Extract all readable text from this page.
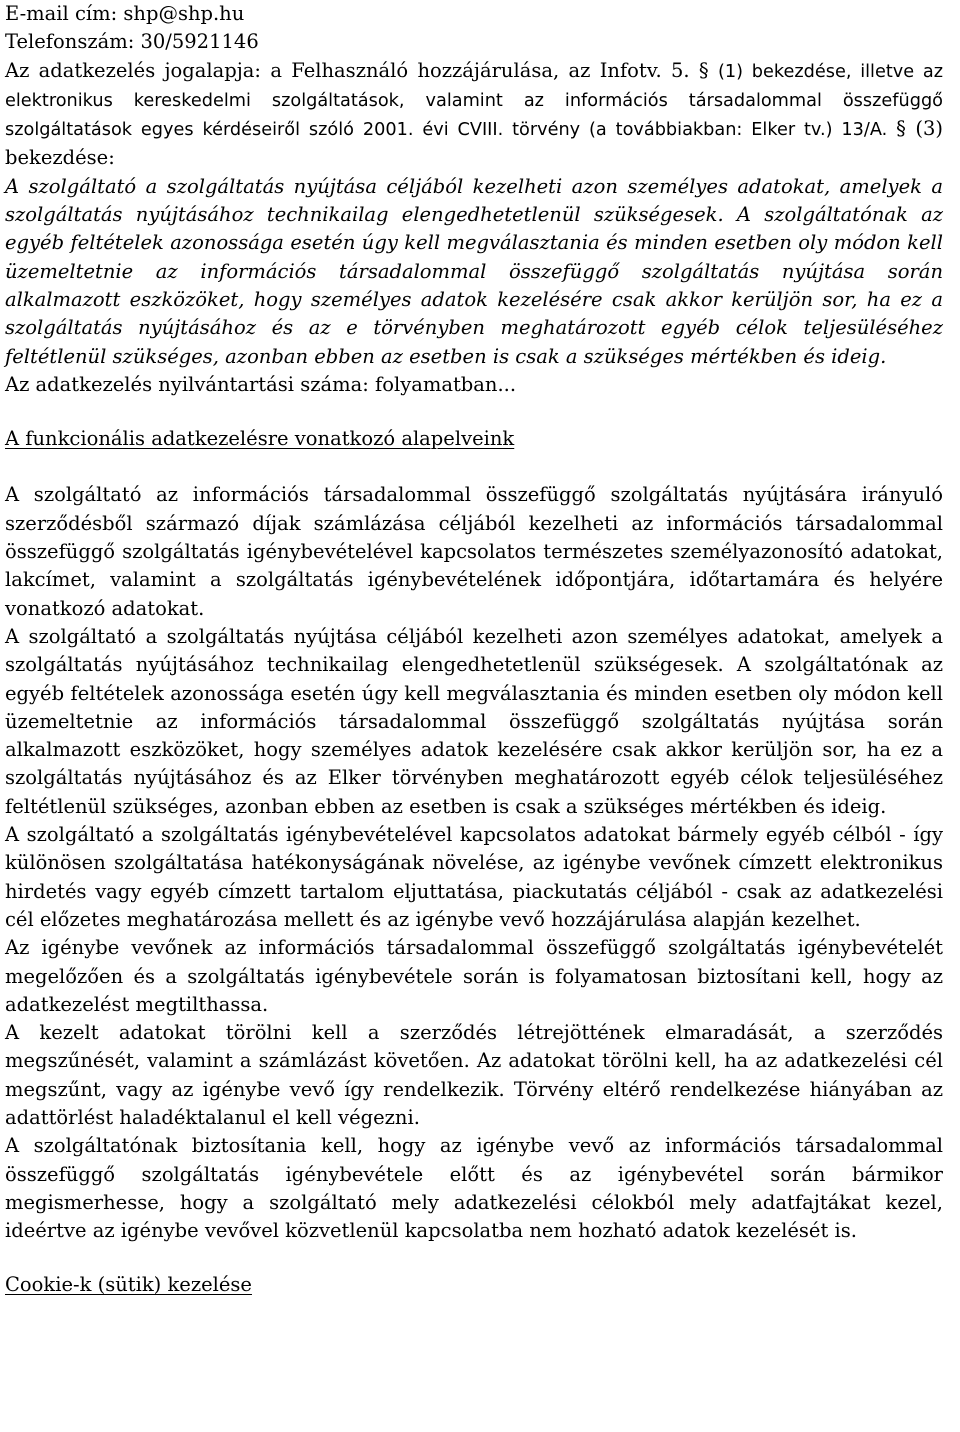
E-mail cím: shp@shp.hu

Telefonszám: 30/5921146

Az adatkezelés jogalapja: a Felhasználó hozzájárulása, az Infotv. 5. § (1) bekezdése, illetve az elektronikus kereskedelmi szolgáltatások, valamint az információs társadalommal összefüggő szolgáltatások egyes kérdéseiről szóló 2001. évi CVIII. törvény (a továbbiakban: Elker tv.) 13/A. § (3) bekezdése:

A szolgáltató a szolgáltatás nyújtása céljából kezelheti azon személyes adatokat, amelyek a szolgáltatás nyújtásához technikailag elengedhetetlenül szükségesek. A szolgáltatónak az egyéb feltételek azonossága esetén úgy kell megválasztania és minden esetben oly módon kell üzemeltetnie az információs társadalommal összefüggő szolgáltatás nyújtása során alkalmazott eszközöket, hogy személyes adatok kezelésére csak akkor kerüljön sor, ha ez a szolgáltatás nyújtásához és az e törvényben meghatározott egyéb célok teljesüléséhez feltétlenül szükséges, azonban ebben az esetben is csak a szükséges mértékben és ideig.

Az adatkezelés nyilvántartási száma: folyamatban...

A funkcionális adatkezelésre vonatkozó alapelveink

A szolgáltató az információs társadalommal összefüggő szolgáltatás nyújtására irányuló szerződésből származó díjak számlázása céljából kezelheti az információs társadalommal összefüggő szolgáltatás igénybevételével kapcsolatos természetes személyazonosító adatokat, lakcímet, valamint a szolgáltatás igénybevételének időpontjára, időtartamára és helyére vonatkozó adatokat.

A szolgáltató a szolgáltatás nyújtása céljából kezelheti azon személyes adatokat, amelyek a szolgáltatás nyújtásához technikailag elengedhetetlenül szükségesek. A szolgáltatónak az egyéb feltételek azonossága esetén úgy kell megválasztania és minden esetben oly módon kell üzemeltetnie az információs társadalommal összefüggő szolgáltatás nyújtása során alkalmazott eszközöket, hogy személyes adatok kezelésére csak akkor kerüljön sor, ha ez a szolgáltatás nyújtásához és az Elker törvényben meghatározott egyéb célok teljesüléséhez feltétlenül szükséges, azonban ebben az esetben is csak a szükséges mértékben és ideig.

A szolgáltató a szolgáltatás igénybevételével kapcsolatos adatokat bármely egyéb célból - így különösen szolgáltatása hatékonyságának növelése, az igénybe vevőnek címzett elektronikus hirdetés vagy egyéb címzett tartalom eljuttatása, piackutatás céljából - csak az adatkezelési cél előzetes meghatározása mellett és az igénybe vevő hozzájárulása alapján kezelhet.

Az igénybe vevőnek az információs társadalommal összefüggő szolgáltatás igénybevételét megelőzően és a szolgáltatás igénybevétele során is folyamatosan biztosítani kell, hogy az adatkezelést megtilthassa.

A kezelt adatokat törölni kell a szerződés létrejöttének elmaradását, a szerződés megszűnését, valamint a számlázást követően. Az adatokat törölni kell, ha az adatkezelési cél megszűnt, vagy az igénybe vevő így rendelkezik. Törvény eltérő rendelkezése hiányában az adattörlést haladéktalanul el kell végezni.

A szolgáltatónak biztosítania kell, hogy az igénybe vevő az információs társadalommal összefüggő szolgáltatás igénybevétele előtt és az igénybevétel során bármikor megismerhesse, hogy a szolgáltató mely adatkezelési célokból mely adatfajtákat kezel, ideértve az igénybe vevővel közvetlenül kapcsolatba nem hozható adatok kezelését is.

Cookie-k (sütik) kezelése
